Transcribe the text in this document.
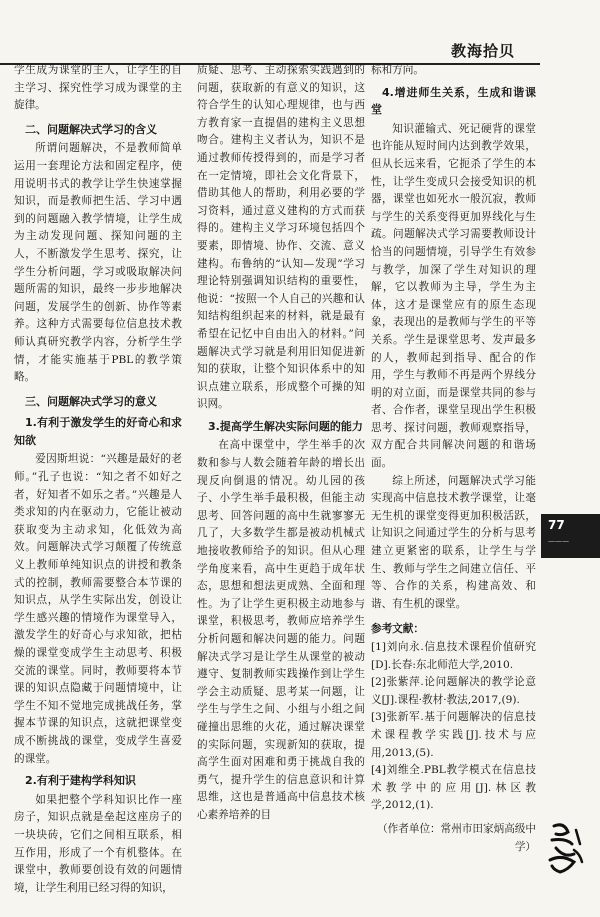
教海拾贝

学生成为课堂的主人，让学生的自主学习、探究性学习成为课堂的主旋律。

二、问题解决式学习的含义

所谓问题解决，不是教师简单运用一套理论方法和固定程序，使用说明书式的教学让学生快速掌握知识，而是教师把生活、学习中遇到的问题融入教学情境，让学生成为主动发现问题、探知问题的主人，不断激发学生思考、探究，让学生分析问题，学习或吸取解决问题所需的知识，最终一步步地解决问题，发展学生的创新、协作等素养。这种方式需要每位信息技术教师认真研究教学内容，分析学生学情，才能实施基于PBL的教学策略。

三、问题解决式学习的意义
1.有利于激发学生的好奇心和求知欲

爱因斯坦说：“兴趣是最好的老师。”孔子也说：“知之者不如好之者，好知者不如乐之者。”兴趣是人类求知的内在驱动力，它能让被动获取变为主动求知，化低效为高效。问题解决式学习颠覆了传统意义上教师单纯知识点的讲授和教条式的控制，教师需要整合本节课的知识点，从学生实际出发，创设让学生感兴趣的情境作为课堂导入，激发学生的好奇心与求知欲，把枯燥的课堂变成学生主动思考、积极交流的课堂。同时，教师要将本节课的知识点隐藏于问题情境中，让学生不知不觉地完成挑战任务，掌握本节课的知识点，这就把课堂变成不断挑战的课堂，变成学生喜爱的课堂。

2.有利于建构学科知识

如果把整个学科知识比作一座房子，知识点就是垒起这座房子的一块块砖，它们之间相互联系，相互作用，形成了一个有机整体。在课堂中，教师要创设有效的问题情境，让学生利用已经习得的知识，

质疑、思考、主动探索实践遇到的问题，获取新的有意义的知识，这符合学生的认知心理规律，也与西方教育家一直提倡的建构主义思想吻合。建构主义者认为，知识不是通过教师传授得到的，而是学习者在一定情境，即社会文化背景下，借助其他人的帮助，利用必要的学习资料，通过意义建构的方式而获得的。建构主义学习环境包括四个要素，即情境、协作、交流、意义建构。布鲁纳的“认知—发现”学习理论特别强调知识结构的重要性，他说：“按照一个人自己的兴趣和认知结构组织起来的材料，就是最有希望在记忆中自由出入的材料。”问题解决式学习就是利用旧知促进新知的获取，让整个知识体系中的知识点建立联系，形成整个可操的知识网。

3.提高学生解决实际问题的能力

在高中课堂中，学生举手的次数和参与人数会随着年龄的增长出现反向倒退的情况。幼儿园的孩子、小学生举手最积极，但能主动思考、回答问题的高中生就寥寥无几了，大多数学生都是被动机械式地接收教师给予的知识。但从心理学角度来看，高中生更趋于成年状态，思想和想法更成熟、全面和理性。为了让学生更积极主动地参与课堂，积极思考，教师应培养学生分析问题和解决问题的能力。问题解决式学习是让学生从课堂的被动遵守、复制教师实践操作到让学生学会主动质疑、思考某一问题，让学生与学生之间、小组与小组之间碰撞出思维的火花，通过解决课堂的实际问题，实现新知的获取，提高学生面对困难和勇于挑战自我的勇气，提升学生的信息意识和计算思维，这也是普通高中信息技术核心素养培养的目

标和方向。

4.增进师生关系，生成和谐课堂

知识灌输式、死记硬背的课堂也许能从短时间内达到教学效果，但从长远来看，它扼杀了学生的本性，让学生变成只会接受知识的机器，课堂也如死水一般沉寂，教师与学生的关系变得更加界线化与生疏。问题解决式学习需要教师设计恰当的问题情境，引导学生有效参与教学，加深了学生对知识的理解，它以教师为主导，学生为主体，这才是课堂应有的原生态现象，表现出的是教师与学生的平等关系。学生是课堂思考、发声最多的人，教师起到指导、配合的作用，学生与教师不再是两个界线分明的对立面，而是课堂共同的参与者、合作者，课堂呈现出学生积极思考、探讨问题，教师观察指导，双方配合共同解决问题的和谐场面。

综上所述，问题解决式学习能实现高中信息技术教学课堂，让毫无生机的课堂变得更加积极活跃，让知识之间通过学生的分析与思考建立更紧密的联系，让学生与学生、教师与学生之间建立信任、平等、合作的关系，构建高效、和谐、有生机的课堂。

参考文献：

[1]刘向永.信息技术课程价值研究[D].长春:东北师范大学,2010.

[2]张紫萍.论问题解决的教学论意义[J].课程·教材·教法,2017,(9).

[3]张新军.基于问题解决的信息技术课程教学实践[J].技术与应用,2013,(5).

[4]刘维全.PBL教学模式在信息技术教学中的应用[J].林区教学,2012,(1).

（作者单位：常州市田家炳高级中学）

77
———
